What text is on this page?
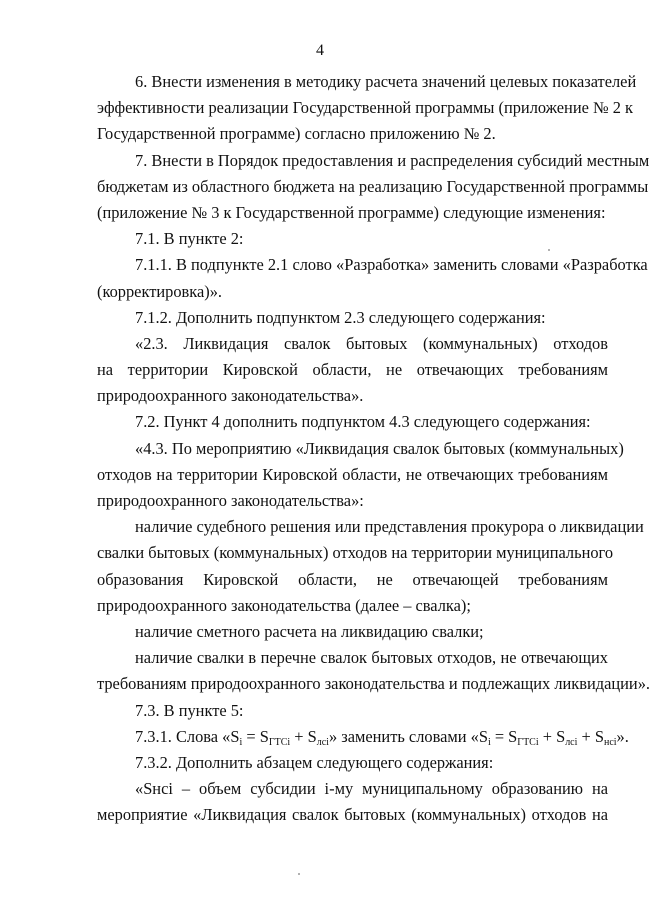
4
6. Внести изменения в методику расчета значений целевых показателей
эффективности реализации Государственной программы (приложение № 2 к
Государственной программе) согласно приложению № 2.
7. Внести в Порядок предоставления и распределения субсидий местным
бюджетам из областного бюджета на реализацию Государственной программы
(приложение № 3 к Государственной программе) следующие изменения:
7.1. В пункте 2:
7.1.1. В подпункте 2.1 слово «Разработка» заменить словами «Разработка
(корректировка)».
7.1.2. Дополнить подпунктом 2.3 следующего содержания:
«2.3. Ликвидация свалок бытовых (коммунальных) отходов
на территории Кировской области, не отвечающих требованиям
природоохранного законодательства».
7.2. Пункт 4 дополнить подпунктом 4.3 следующего содержания:
«4.3. По мероприятию «Ликвидация свалок бытовых (коммунальных)
отходов на территории Кировской области, не отвечающих требованиям
природоохранного законодательства»:
наличие судебного решения или представления прокурора о ликвидации
свалки бытовых (коммунальных) отходов на территории муниципального
образования Кировской области, не отвечающей требованиям
природоохранного законодательства (далее – свалка);
наличие сметного расчета на ликвидацию свалки;
наличие свалки в перечне свалок бытовых отходов, не отвечающих
требованиям природоохранного законодательства и подлежащих ликвидации».
7.3. В пункте 5:
7.3.1. Слова «$S_i = S_{ГТСi} + S_{лсi}$» заменить словами «$S_i = S_{ГТСi} + S_{лсi} + S_{нсi}$».
7.3.2. Дополнить абзацем следующего содержания:
«Sнсi – объем субсидии i-му муниципальному образованию на
мероприятие «Ликвидация свалок бытовых (коммунальных) отходов на
